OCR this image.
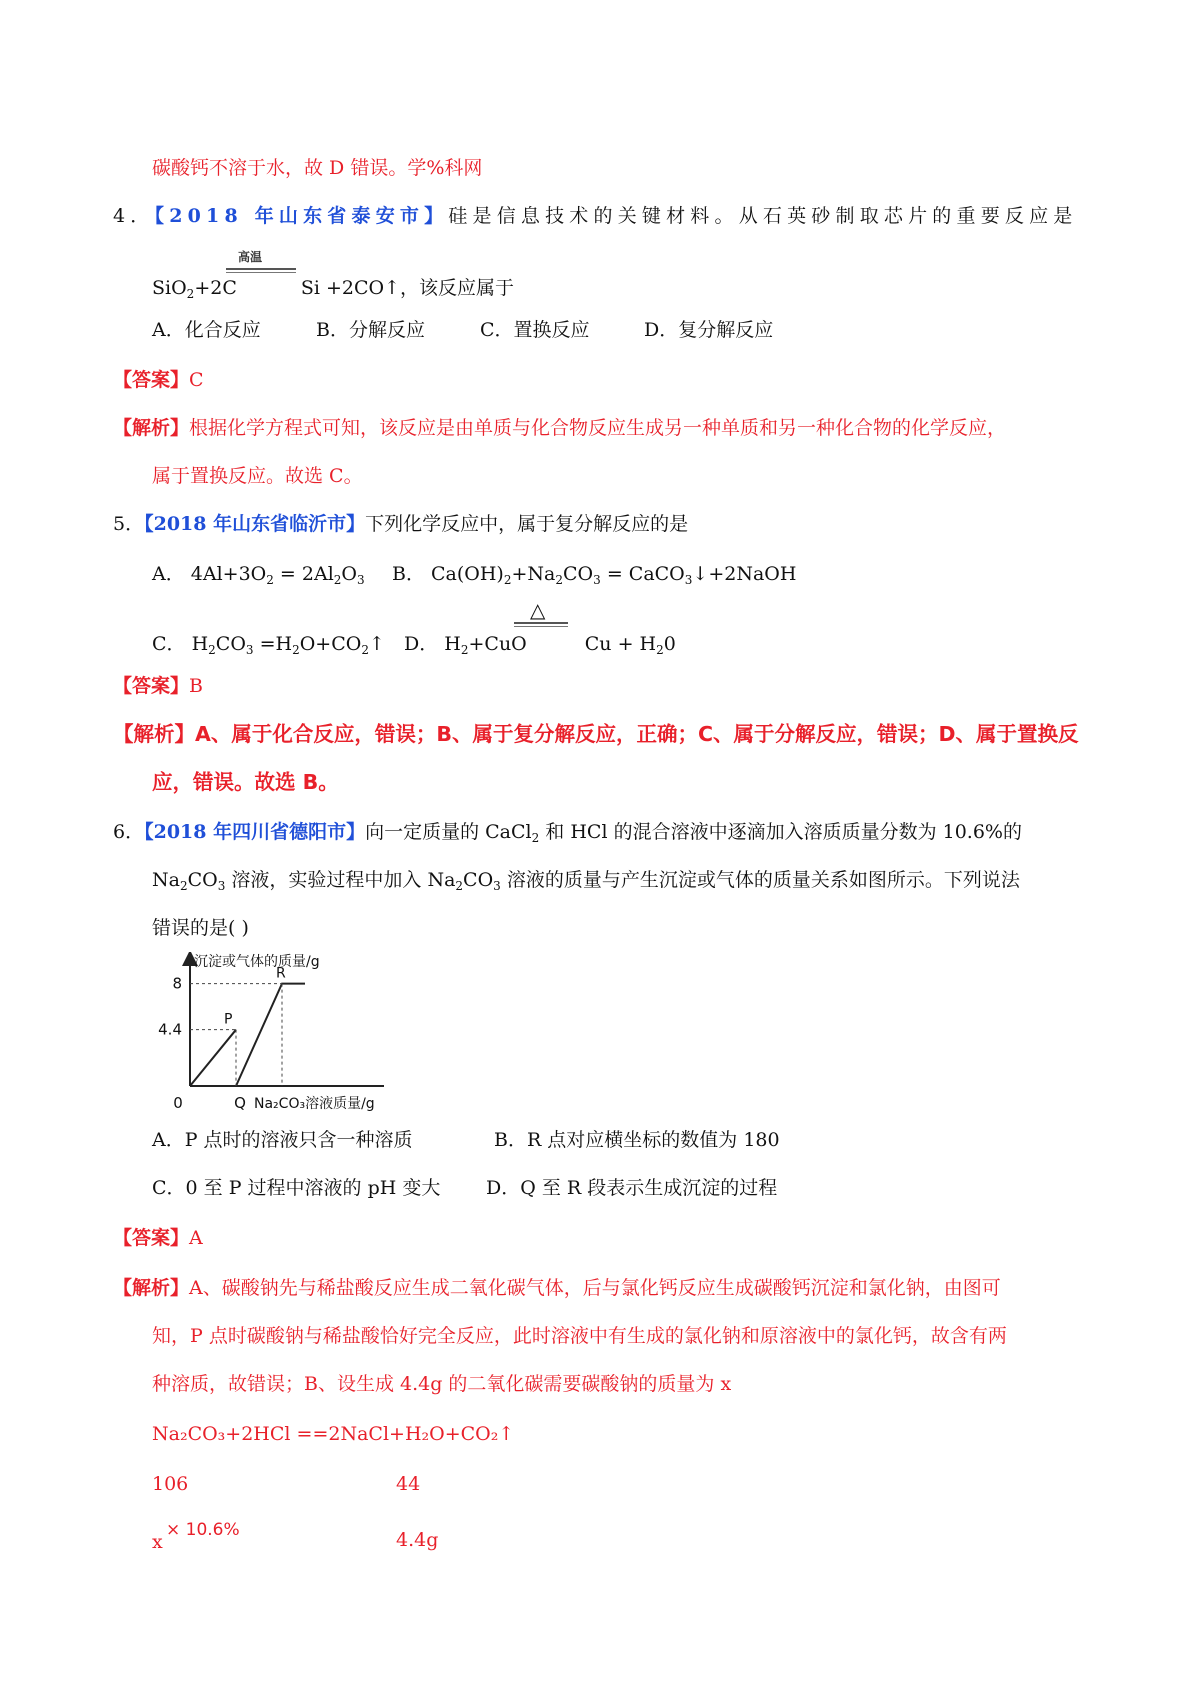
碳酸钙不溶于水，故 D 错误。学%科网
4．【2018 年山东省泰安市】硅是信息技术的关键材料。从石英砂制取芯片的重要反应是
SiO$_2$+2C	Si +2CO↑，该反应属于
高温
A．化合反应	B．分解反应	C．置换反应	D．复分解反应
【答案】C
【解析】根据化学方程式可知，该反应是由单质与化合物反应生成另一种单质和另一种化合物的化学反应，
属于置换反应。故选 C。
5．【2018 年山东省临沂市】下列化学反应中，属于复分解反应的是
A． $4Al+3O_2 = 2Al_2O_3$ B． $Ca(OH)_2+Na_2CO_3$ = CaCO$_3$↓+2NaOH
C． $H_2CO_3$ $=H_2O+CO_2↑$ D． $H_2+CuO$	$Cu + H_20$
△
【答案】B
【解析】A、属于化合反应，错误；B、属于复分解反应，正确；C、属于分解反应，错误；D、属于置换反
应，错误。故选 B。
6．【2018 年四川省德阳市】向一定质量的 CaCl$_2$ 和 HCl 的混合溶液中逐滴加入溶质质量分数为 10.6%的
$Na_2CO_3$ 溶液，实验过程中加入 $Na_2CO_3$ 溶液的质量与产生沉淀或气体的质量关系如图所示。下列说法
错误的是( )
沉淀或气体的质量/g
8
4.4
0
P
R
Q Na₂CO₃溶液质量/g
A．P 点时的溶液只含一种溶质	B．R 点对应横坐标的数值为 180
C．0 至 P 过程中溶液的 pH 变大 D．Q 至 R 段表示生成沉淀的过程
【答案】A
【解析】A、碳酸钠先与稀盐酸反应生成二氧化碳气体，后与氯化钙反应生成碳酸钙沉淀和氯化钠，由图可
知，P 点时碳酸钠与稀盐酸恰好完全反应，此时溶液中有生成的氯化钠和原溶液中的氯化钙，故含有两
种溶质，故错误；B、设生成 4.4g 的二氧化碳需要碳酸钠的质量为 x
Na₂CO₃+2HCl ==2NaCl+H₂O+CO₂↑
106	44
x
× 10.6%	4.4g
